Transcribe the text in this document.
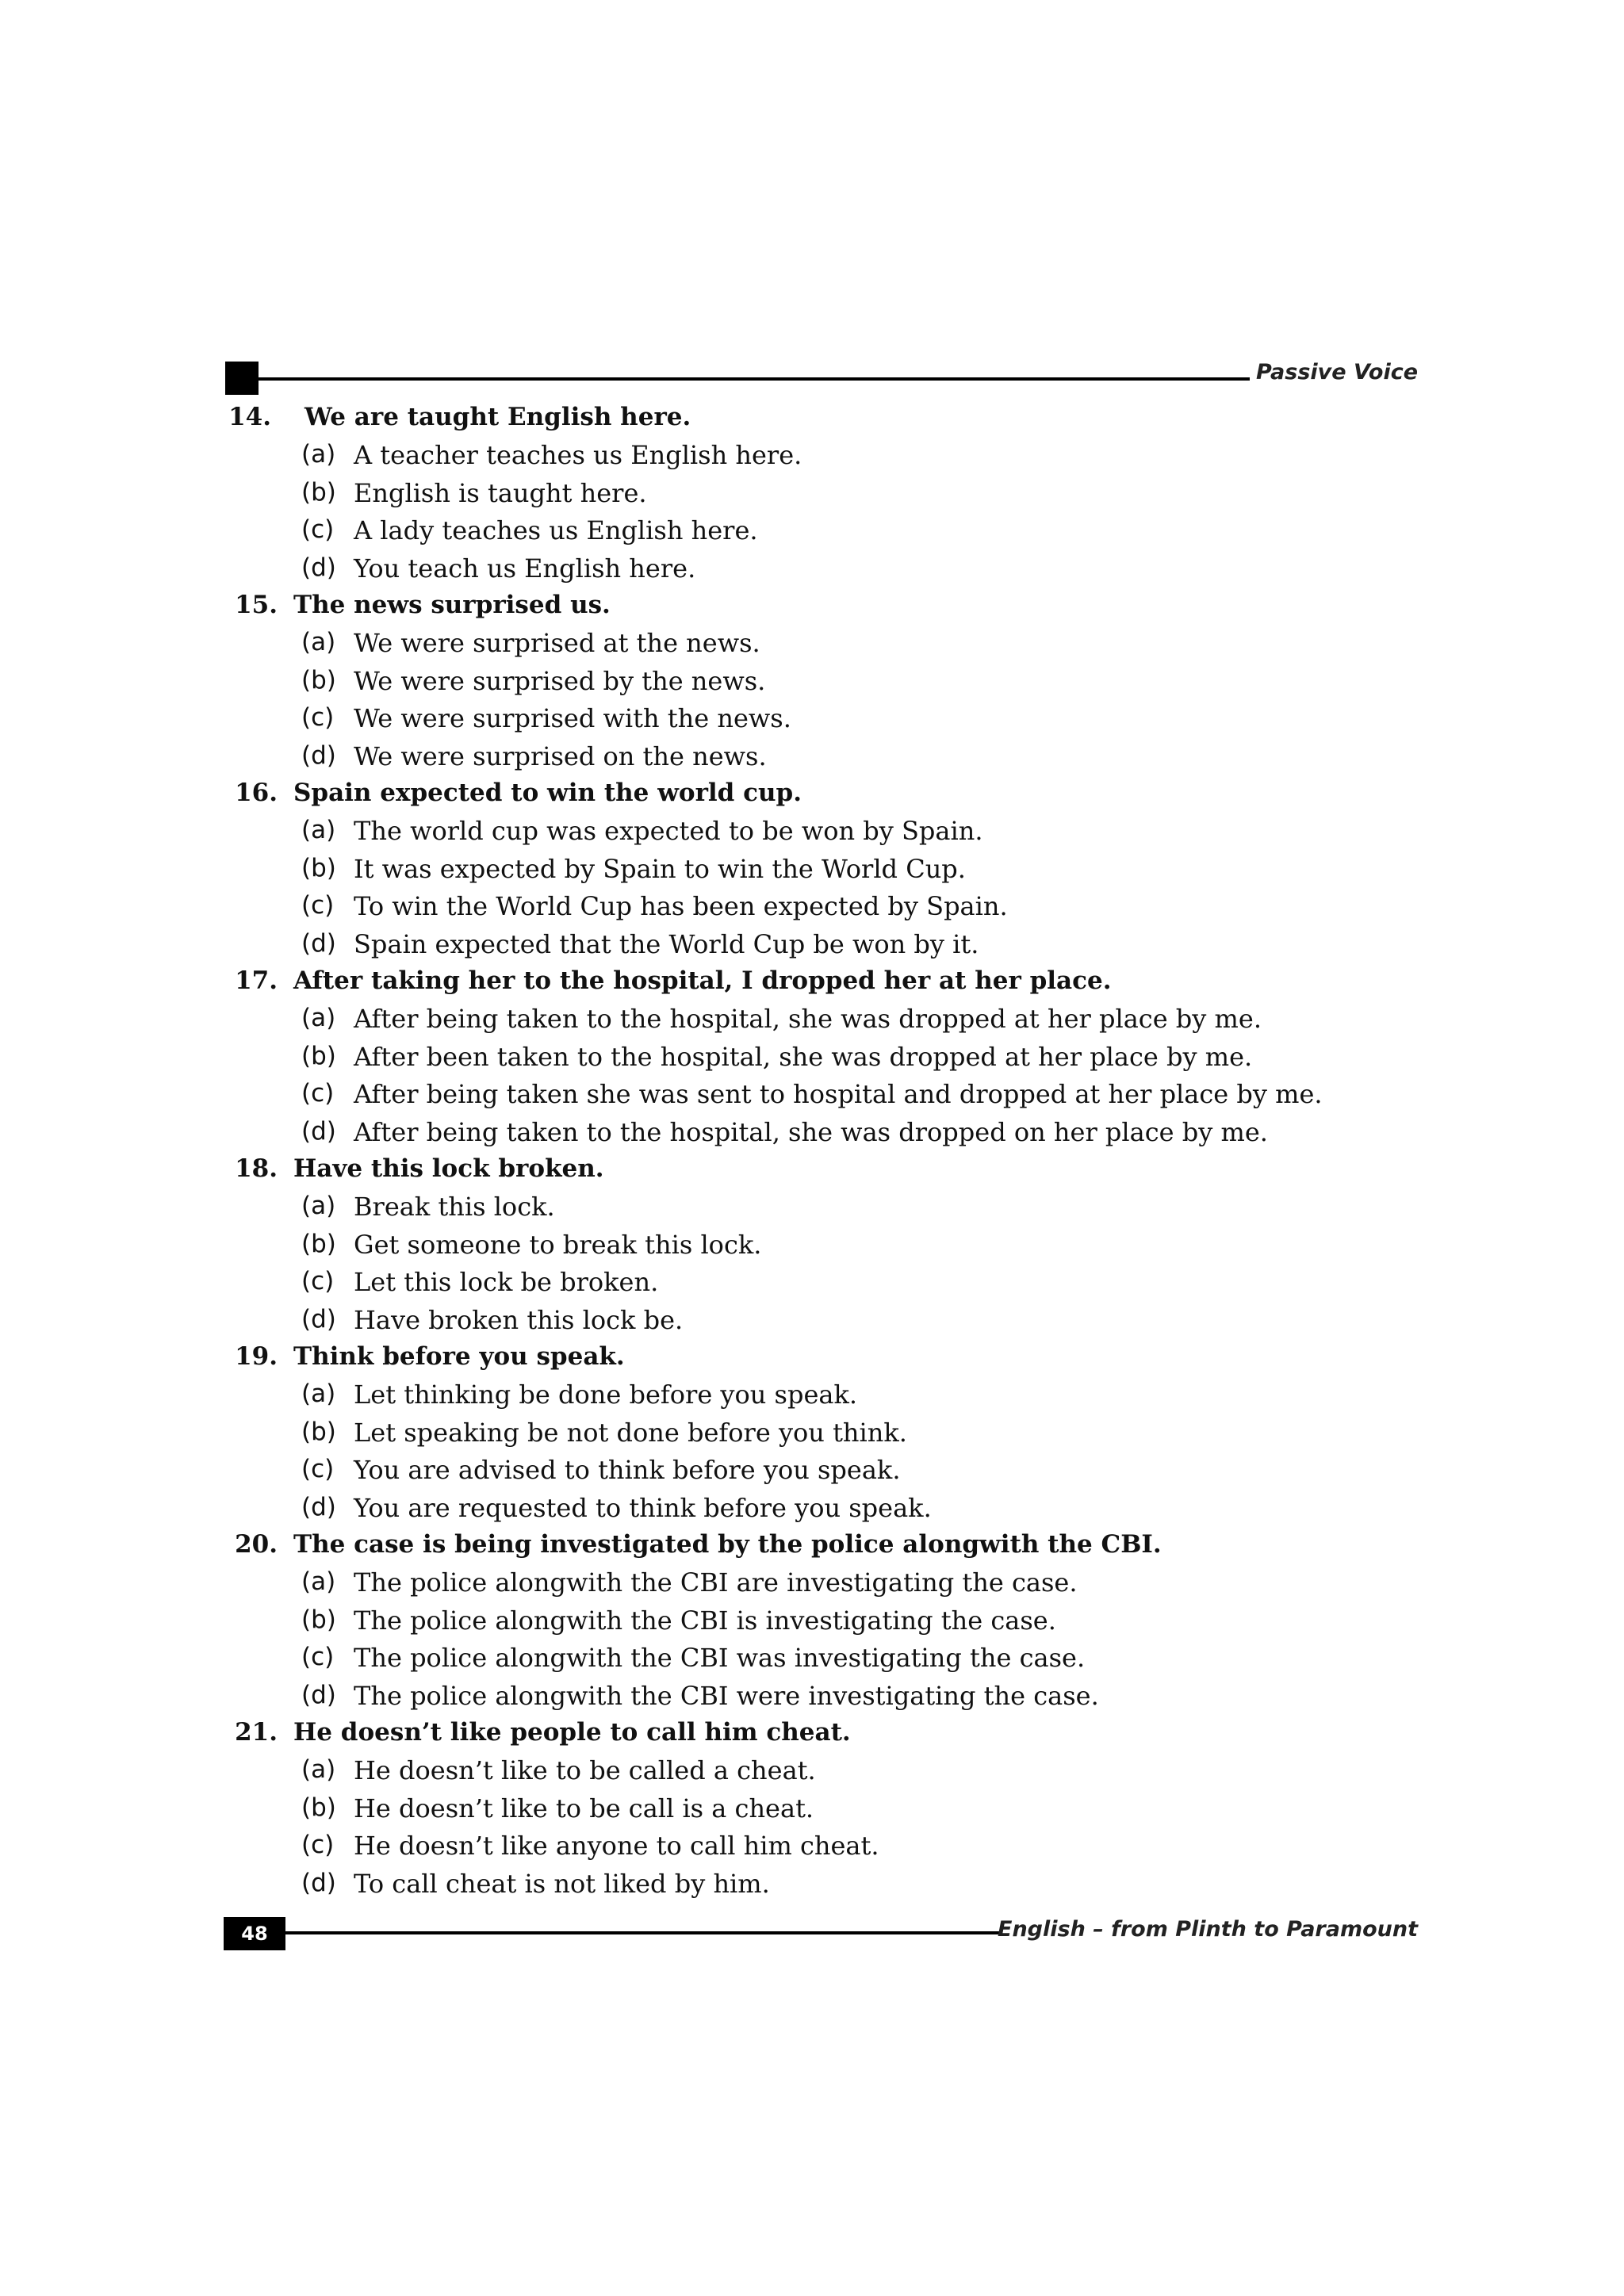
Passive Voice
14. We are taught English here.
(a) A teacher teaches us English here.
(b) English is taught here.
(c) A lady teaches us English here.
(d) You teach us English here.
15. The news surprised us.
(a) We were surprised at the news.
(b) We were surprised by the news.
(c) We were surprised with the news.
(d) We were surprised on the news.
16. Spain expected to win the world cup.
(a) The world cup was expected to be won by Spain.
(b) It was expected by Spain to win the World Cup.
(c) To win the World Cup has been expected by Spain.
(d) Spain expected that the World Cup be won by it.
17. After taking her to the hospital, I dropped her at her place.
(a) After being taken to the hospital, she was dropped at her place by me.
(b) After been taken to the hospital, she was dropped at her place by me.
(c) After being taken she was sent to hospital and dropped at her place by me.
(d) After being taken to the hospital, she was dropped on her place by me.
18. Have this lock broken.
(a) Break this lock.
(b) Get someone to break this lock.
(c) Let this lock be broken.
(d) Have broken this lock be.
19. Think before you speak.
(a) Let thinking be done before you speak.
(b) Let speaking be not done before you think.
(c) You are advised to think before you speak.
(d) You are requested to think before you speak.
20. The case is being investigated by the police alongwith the CBI.
(a) The police alongwith the CBI are investigating the case.
(b) The police alongwith the CBI is investigating the case.
(c) The police alongwith the CBI was investigating the case.
(d) The police alongwith the CBI were investigating the case.
21. He doesn’t like people to call him cheat.
(a) He doesn’t like to be called a cheat.
(b) He doesn’t like to be call is a cheat.
(c) He doesn’t like anyone to call him cheat.
(d) To call cheat is not liked by him.
48	English – from Plinth to Paramount
